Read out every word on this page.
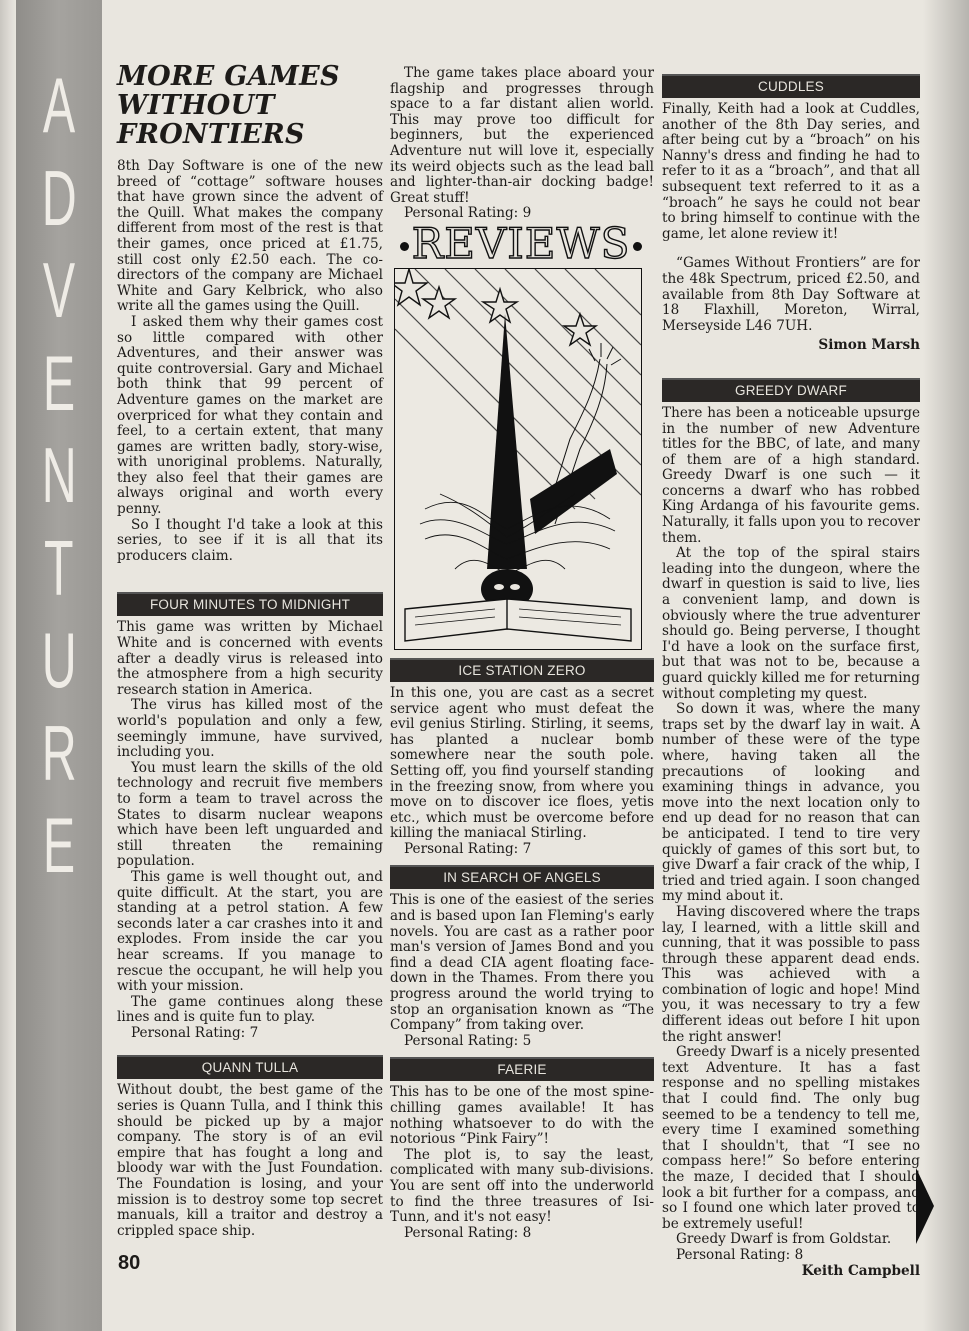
A
D
V
E
N
T
U
R
E
MORE GAMES
WITHOUT
FRONTIERS

8th Day Software is one of the new breed of “cottage” software houses that have grown since the advent of the Quill. What makes the company different from most of the rest is that their games, once priced at £1.75, still cost only £2.50 each. The co-directors of the company are Michael White and Gary Kelbrick, who also write all the games using the Quill.

I asked them why their games cost so little compared with other Adventures, and their answer was quite controversial. Gary and Michael both think that 99 percent of Adventure games on the market are overpriced for what they contain and feel, to a certain extent, that many games are written badly, story-wise, with unoriginal problems. Naturally, they also feel that their games are always original and worth every penny.

So I thought I'd take a look at this series, to see if it is all that its producers claim.

FOUR MINUTES TO MIDNIGHT

This game was written by Michael White and is concerned with events after a deadly virus is released into the atmosphere from a high security research station in America.

The virus has killed most of the world's population and only a few, seemingly immune, have survived, including you.

You must learn the skills of the old technology and recruit five members to form a team to travel across the States to disarm nuclear weapons which have been left unguarded and still threaten the remaining population.

This game is well thought out, and quite difficult. At the start, you are standing at a petrol station. A few seconds later a car crashes into it and explodes. From inside the car you hear screams. If you manage to rescue the occupant, he will help you with your mission.

The game continues along these lines and is quite fun to play.

Personal Rating: 7

QUANN TULLA

Without doubt, the best game of the series is Quann Tulla, and I think this should be picked up by a major company. The story is of an evil empire that has fought a long and bloody war with the Just Foundation. The Foundation is losing, and your mission is to destroy some top secret manuals, kill a traitor and destroy a crippled space ship.

The game takes place aboard your flagship and progresses through space to a far distant alien world. This may prove too difficult for beginners, but the experienced Adventure nut will love it, especially its weird objects such as the lead ball and lighter-than-air docking badge! Great stuff!

Personal Rating: 9

REVIEWS
ICE STATION ZERO

In this one, you are cast as a secret service agent who must defeat the evil genius Stirling. Stirling, it seems, has planted a nuclear bomb somewhere near the south pole. Setting off, you find yourself standing in the freezing snow, from where you move on to discover ice floes, yetis etc., which must be overcome before killing the maniacal Stirling.

Personal Rating: 7

IN SEARCH OF ANGELS

This is one of the easiest of the series and is based upon Ian Fleming's early novels. You are cast as a rather poor man's version of James Bond and you find a dead CIA agent floating face-down in the Thames. From there you progress around the world trying to stop an organisation known as “The Company” from taking over.

Personal Rating: 5

FAERIE

This has to be one of the most spine-chilling games available! It has nothing whatsoever to do with the notorious “Pink Fairy”!

The plot is, to say the least, complicated with many sub-divisions. You are sent off into the underworld to find the three treasures of Isi-Tunn, and it's not easy!

Personal Rating: 8

CUDDLES

Finally, Keith had a look at Cuddles, another of the 8th Day series, and after being cut by a “broach” on his Nanny's dress and finding he had to refer to it as a “broach”, and that all subsequent text referred to it as a “broach” he says he could not bear to bring himself to continue with the game, let alone review it!

“Games Without Frontiers” are for the 48k Spectrum, priced £2.50, and available from 8th Day Software at 18 Flaxhill, Moreton, Wirral, Merseyside L46 7UH.

Simon Marsh

GREEDY DWARF

There has been a noticeable upsurge in the number of new Adventure titles for the BBC, of late, and many of them are of a high standard. Greedy Dwarf is one such — it concerns a dwarf who has robbed King Ardanga of his favourite gems. Naturally, it falls upon you to recover them.

At the top of the spiral stairs leading into the dungeon, where the dwarf in question is said to live, lies a convenient lamp, and down is obviously where the true adventurer should go. Being perverse, I thought I'd have a look on the surface first, but that was not to be, because a guard quickly killed me for returning without completing my quest.

So down it was, where the many traps set by the dwarf lay in wait. A number of these were of the type where, having taken all the precautions of looking and examining things in advance, you move into the next location only to end up dead for no reason that can be anticipated. I tend to tire very quickly of games of this sort but, to give Dwarf a fair crack of the whip, I tried and tried again. I soon changed my mind about it.

Having discovered where the traps lay, I learned, with a little skill and cunning, that it was possible to pass through these apparent dead ends. This was achieved with a combination of logic and hope! Mind you, it was necessary to try a few different ideas out before I hit upon the right answer!

Greedy Dwarf is a nicely presented text Adventure. It has a fast response and no spelling mistakes that I could find. The only bug seemed to be a tendency to tell me, every time I examined something that I shouldn't, that “I see no compass here!” So before entering the maze, I decided that I should look a bit further for a compass, and so I found one which later proved to be extremely useful!

Greedy Dwarf is from Goldstar.

Personal Rating: 8

Keith Campbell

80
